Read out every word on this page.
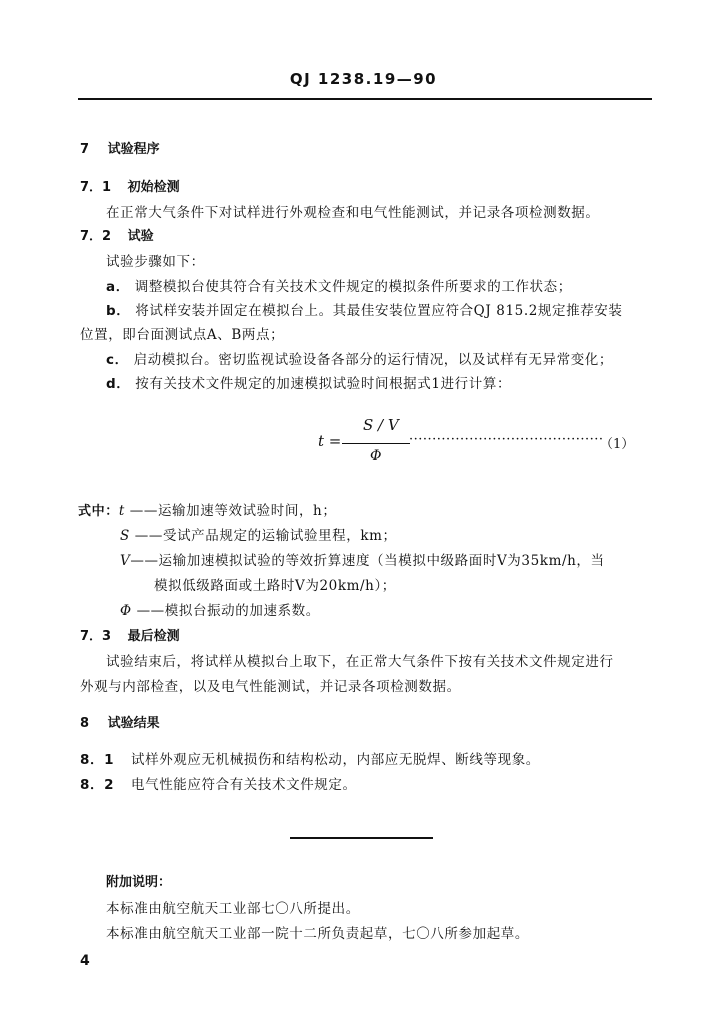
QJ 1238.19—90
7 试验程序
7．1 初始检测
在正常大气条件下对试样进行外观检查和电气性能测试，并记录各项检测数据。
7．2 试验
试验步骤如下：
a． 调整模拟台使其符合有关技术文件规定的模拟条件所要求的工作状态；
b． 将试样安装并固定在模拟台上。其最佳安装位置应符合QJ 815.2规定推荐安装
位置，即台面测试点A、B两点；
c． 启动模拟台。密切监视试验设备各部分的运行情况，以及试样有无异常变化；
d． 按有关技术文件规定的加速模拟试验时间根据式1进行计算：
S / V
t =	··········································
（1）
Φ
式中：t ——运输加速等效试验时间，h；
S ——受试产品规定的运输试验里程，km；
V——运输加速模拟试验的等效折算速度（当模拟中级路面时V为35km/h，当
模拟低级路面或土路时V为20km/h）；
Φ ——模拟台振动的加速系数。
7．3 最后检测
试验结束后，将试样从模拟台上取下，在正常大气条件下按有关技术文件规定进行
外观与内部检查，以及电气性能测试，并记录各项检测数据。
8 试验结果
8．1 试样外观应无机械损伤和结构松动，内部应无脱焊、断线等现象。
8．2 电气性能应符合有关技术文件规定。
附加说明：
本标准由航空航天工业部七〇八所提出。
本标准由航空航天工业部一院十二所负责起草，七〇八所参加起草。
4
